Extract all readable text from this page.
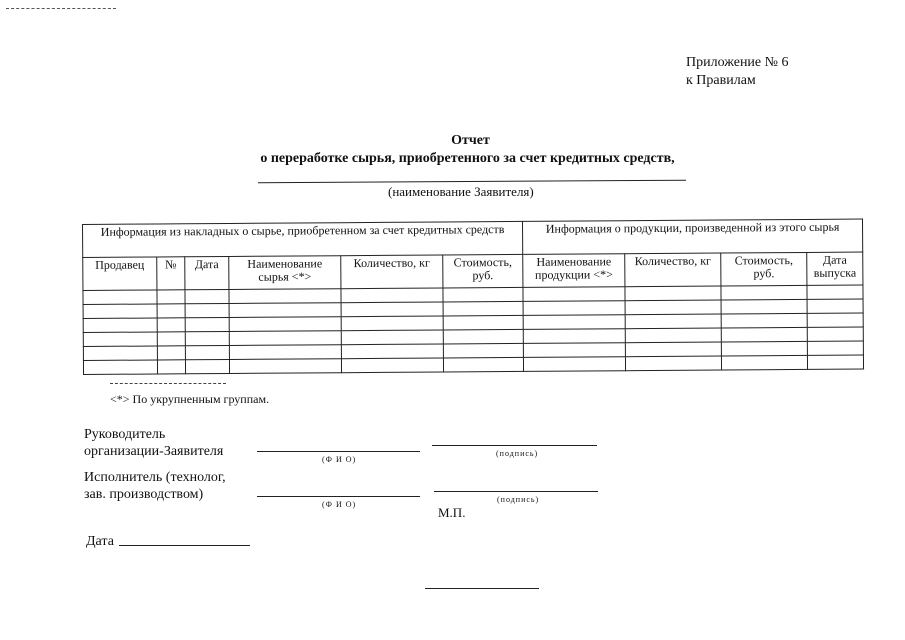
Приложение № 6
к Правилам
Отчет
о переработке сырья, приобретенного за счет кредитных средств,
(наименование Заявителя)
Информация из накладных о сырье, приобретенном за счет кредитных средств						Информация о продукции, произведенной из этого сырья			
Продавец	№	Дата	Наименование сырья <*>	Количество, кг	Стоимость, руб.	Наименование продукции <*>	Количество, кг	Стоимость, руб.	Дата выпуска

<*> По укрупненным группам.
Руководитель
организации-Заявителя
(Ф И О)
(подпись)
Исполнитель (технолог,
зав. производством)
(Ф И О)
(подпись)
М.П.
Дата
